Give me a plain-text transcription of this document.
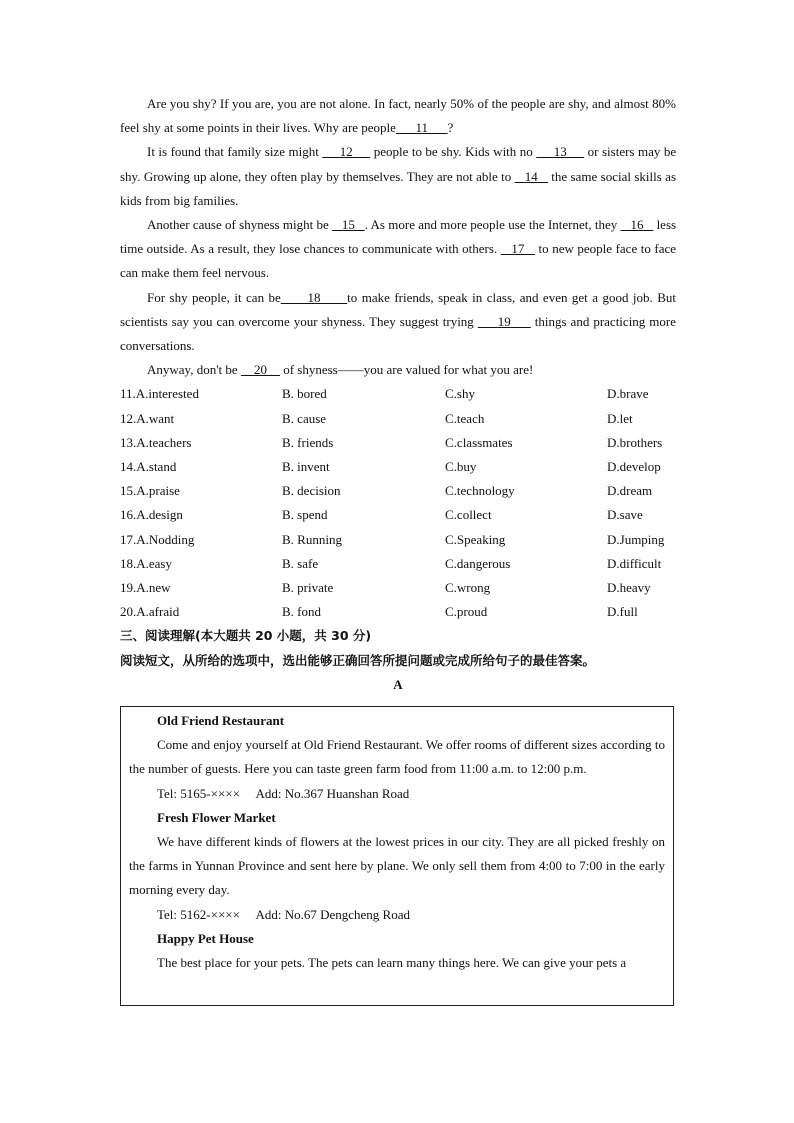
Are you shy? If you are, you are not alone. In fact, nearly 50% of the people are shy, and almost 80% feel shy at some points in their lives. Why are people 11 ?

It is found that family size might 12 people to be shy. Kids with no 13 or sisters may be shy. Growing up alone, they often play by themselves. They are not able to 14 the same social skills as kids from big families.

Another cause of shyness might be 15 . As more and more people use the Internet, they 16 less time outside. As a result, they lose chances to communicate with others. 17 to new people face to face can make them feel nervous.

For shy people, it can be 18 to make friends, speak in class, and even get a good job. But scientists say you can overcome your shyness. They suggest trying 19 things and practicing more conversations.

Anyway, don't be 20 of shyness——you are valued for what you are!

11.A.interested	B. bored	C.shy	D.brave
12.A.want	B. cause	C.teach	D.let
13.A.teachers	B. friends	C.classmates	D.brothers
14.A.stand	B. invent	C.buy	D.develop
15.A.praise	B. decision	C.technology	D.dream
16.A.design	B. spend	C.collect	D.save
17.A.Nodding	B. Running	C.Speaking	D.Jumping
18.A.easy	B. safe	C.dangerous	D.difficult
19.A.new	B. private	C.wrong	D.heavy
20.A.afraid	B. fond	C.proud	D.full
三、阅读理解(本大题共 20 小题，共 30 分)
阅读短文，从所给的选项中，选出能够正确回答所提问题或完成所给句子的最佳答案。
A
Old Friend Restaurant

Come and enjoy yourself at Old Friend Restaurant. We offer rooms of different sizes according to the number of guests. Here you can taste green farm food from 11:00 a.m. to 12:00 p.m.

Tel: 5165-××××     Add: No.367 Huanshan Road
Fresh Flower Market

We have different kinds of flowers at the lowest prices in our city. They are all picked freshly on the farms in Yunnan Province and sent here by plane. We only sell them from 4:00 to 7:00 in the early morning every day.

Tel: 5162-××××     Add: No.67 Dengcheng Road
Happy Pet House

The best place for your pets. The pets can learn many things here. We can give your pets a
